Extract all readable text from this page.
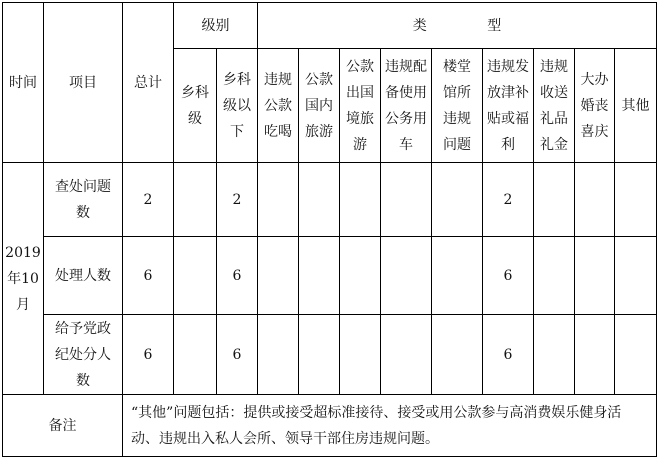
时间	项目	总计	级别		类 型								
			乡科级	乡科级以下	违规公款吃喝	公款国内旅游	公款出国境旅游	违规配备使用公务用车	楼堂馆所违规问题	违规发放津补贴或福利	违规收送礼品礼金	大办婚丧喜庆	其他
2019年10月	查处问题数	2		2						2			
	处理人数	6		6						6			
	给予党政纪处分人数	6		6						6			
备注		“其他”问题包括：提供或接受超标准接待、接受或用公款参与高消费娱乐健身活动、违规出入私人会所、领导干部住房违规问题。											
